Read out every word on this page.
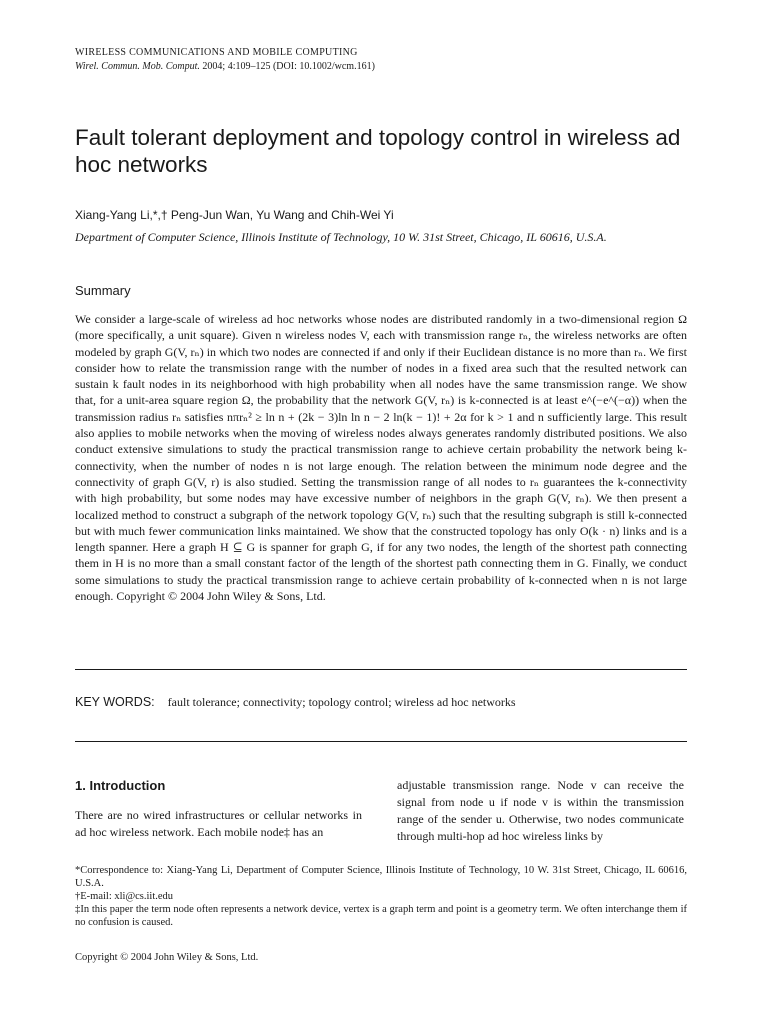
WIRELESS COMMUNICATIONS AND MOBILE COMPUTING
Wirel. Commun. Mob. Comput. 2004; 4:109–125 (DOI: 10.1002/wcm.161)
Fault tolerant deployment and topology control in wireless ad hoc networks
Xiang-Yang Li,*,† Peng-Jun Wan, Yu Wang and Chih-Wei Yi
Department of Computer Science, Illinois Institute of Technology, 10 W. 31st Street, Chicago, IL 60616, U.S.A.
Summary

We consider a large-scale of wireless ad hoc networks whose nodes are distributed randomly in a two-dimensional region Ω (more specifically, a unit square). Given n wireless nodes V, each with transmission range rₙ, the wireless networks are often modeled by graph G(V, rₙ) in which two nodes are connected if and only if their Euclidean distance is no more than rₙ. We first consider how to relate the transmission range with the number of nodes in a fixed area such that the resulted network can sustain k fault nodes in its neighborhood with high probability when all nodes have the same transmission range. We show that, for a unit-area square region Ω, the probability that the network G(V, rₙ) is k-connected is at least e^(−e^(−α)) when the transmission radius rₙ satisfies nπrₙ² ≥ ln n + (2k − 3)ln ln n − 2 ln(k − 1)! + 2α for k > 1 and n sufficiently large. This result also applies to mobile networks when the moving of wireless nodes always generates randomly distributed positions. We also conduct extensive simulations to study the practical transmission range to achieve certain probability the network being k-connectivity, when the number of nodes n is not large enough. The relation between the minimum node degree and the connectivity of graph G(V, r) is also studied. Setting the transmission range of all nodes to rₙ guarantees the k-connectivity with high probability, but some nodes may have excessive number of neighbors in the graph G(V, rₙ). We then present a localized method to construct a subgraph of the network topology G(V, rₙ) such that the resulting subgraph is still k-connected but with much fewer communication links maintained. We show that the constructed topology has only O(k · n) links and is a length spanner. Here a graph H ⊆ G is spanner for graph G, if for any two nodes, the length of the shortest path connecting them in H is no more than a small constant factor of the length of the shortest path connecting them in G. Finally, we conduct some simulations to study the practical transmission range to achieve certain probability of k-connected when n is not large enough. Copyright © 2004 John Wiley & Sons, Ltd.

KEY WORDS: fault tolerance; connectivity; topology control; wireless ad hoc networks
1. Introduction

There are no wired infrastructures or cellular networks in ad hoc wireless network. Each mobile node‡ has an

adjustable transmission range. Node v can receive the signal from node u if node v is within the transmission range of the sender u. Otherwise, two nodes communicate through multi-hop ad hoc wireless links by

*Correspondence to: Xiang-Yang Li, Department of Computer Science, Illinois Institute of Technology, 10 W. 31st Street, Chicago, IL 60616, U.S.A.

†E-mail: xli@cs.iit.edu

‡In this paper the term node often represents a network device, vertex is a graph term and point is a geometry term. We often interchange them if no confusion is caused.

Copyright © 2004 John Wiley & Sons, Ltd.
